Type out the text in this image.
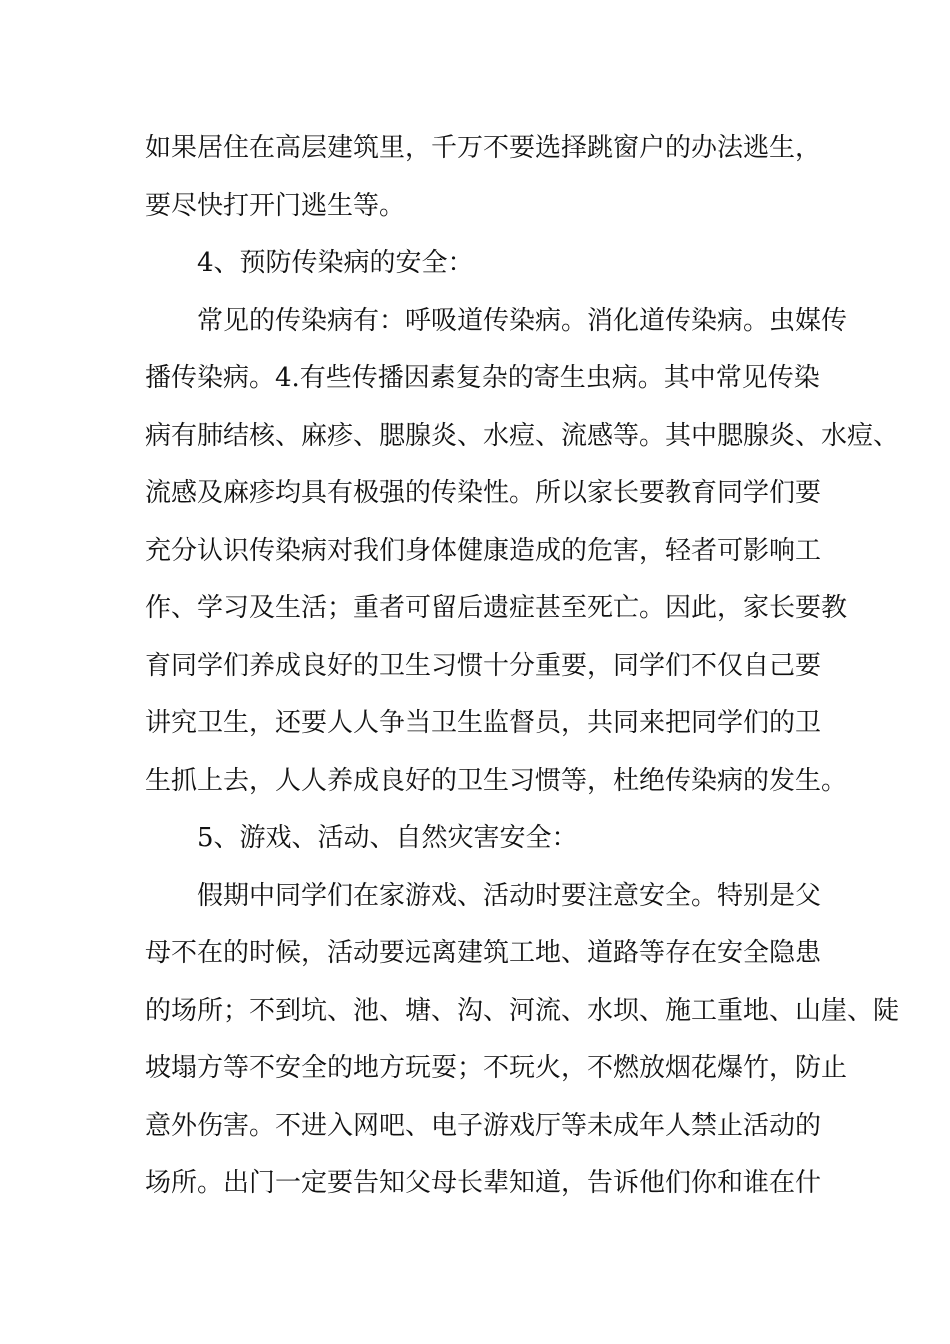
如果居住在高层建筑里，千万不要选择跳窗户的办法逃生，
要尽快打开门逃生等。
4、预防传染病的安全：
常见的传染病有：呼吸道传染病。消化道传染病。虫媒传
播传染病。4.有些传播因素复杂的寄生虫病。其中常见传染
病有肺结核、麻疹、腮腺炎、水痘、流感等。其中腮腺炎、水痘、
流感及麻疹均具有极强的传染性。所以家长要教育同学们要
充分认识传染病对我们身体健康造成的危害，轻者可影响工
作、学习及生活；重者可留后遗症甚至死亡。因此，家长要教
育同学们养成良好的卫生习惯十分重要，同学们不仅自己要
讲究卫生，还要人人争当卫生监督员，共同来把同学们的卫
生抓上去，人人养成良好的卫生习惯等，杜绝传染病的发生。
5、游戏、活动、自然灾害安全：
假期中同学们在家游戏、活动时要注意安全。特别是父
母不在的时候，活动要远离建筑工地、道路等存在安全隐患
的场所；不到坑、池、塘、沟、河流、水坝、施工重地、山崖、陡
坡塌方等不安全的地方玩耍；不玩火，不燃放烟花爆竹，防止
意外伤害。不进入网吧、电子游戏厅等未成年人禁止活动的
场所。出门一定要告知父母长辈知道，告诉他们你和谁在什
